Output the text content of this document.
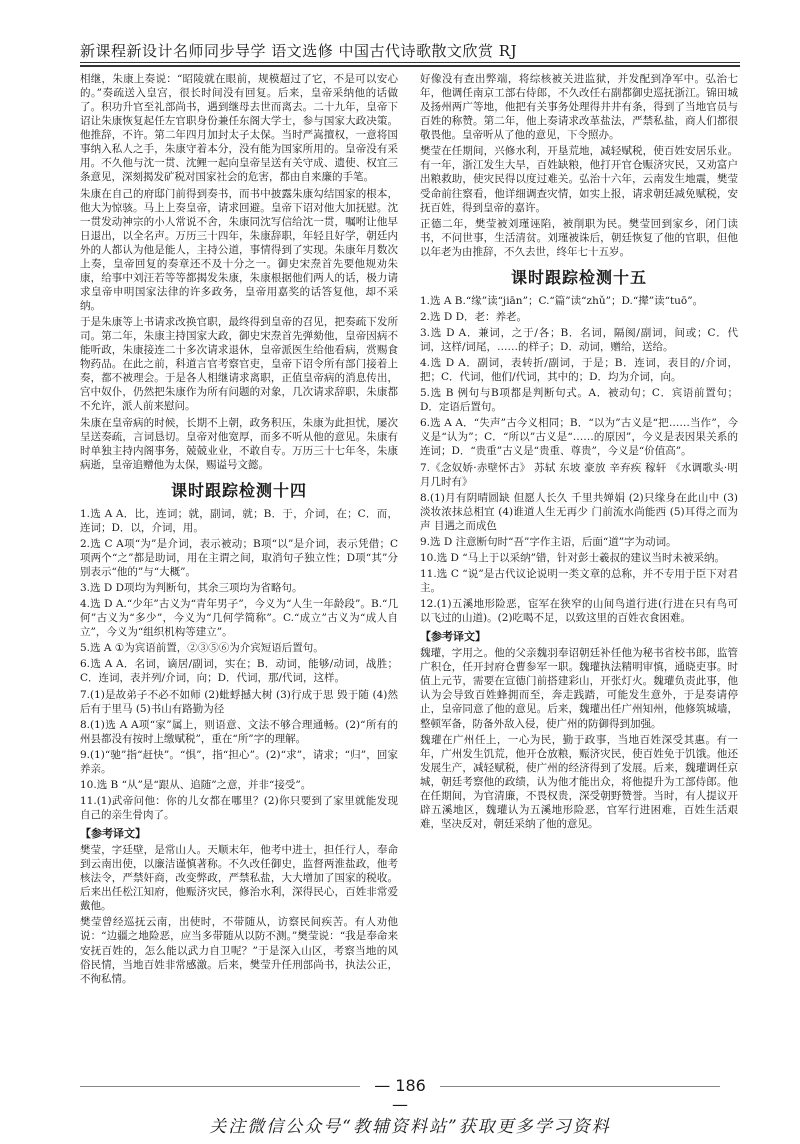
新课程新设计名师同步导学 语文选修 中国古代诗歌散文欣赏 RJ

相继，朱康上奏说：“昭陵就在眼前，规模超过了它，不是可以安心的。”奏疏送入皇宫，很长时间没有回复。后来，皇帝采纳他的话做了。积功升官至礼部尚书，遇到继母去世而离去。二十九年，皇帝下诏让朱康恢复起任左官职身份兼任东阁大学士，参与国家大政决策。他推辞，不许。第二年四月加封太子太保。当时严嵩擅权，一意将国事纳入私人之手，朱康守着本分，没有能为国家所用的。皇帝没有采用。不久他与沈一贯、沈鲤一起向皇帝呈送有关守成、遗使、权宜三条意见，深刻揭发矿税对国家社会的危害，都由自来廉的手笔。

朱康在自己的府邸门前得到奏书，而书中披露朱康勾结国家的根本，他大为惊骇。马上上奏皇帝，请求回避。皇帝下诏对他大加抚慰。沈一贯发动神宗的小人常说不舍，朱康同沈写信给沈一贯，嘱咐让他早日退出，以全名声。万历三十四年，朱康辞职，年轻且好学，朝廷内外的人都认为他是能人，主持公道，事情得到了实现。朱康年月数次上奏，皇帝回复的奏章还不及十分之一。御史宋焘首先要他规劝朱康，给事中刘汪若等等都揭发朱康，朱康根据他们两人的话，极力请求皇帝申明国家法律的许多政务，皇帝用嘉奖的话答复他，却不采纳。

于是朱康等上书请求改换官职，最终得到皇帝的召见，把奏疏下发所司。第二年，朱康主持国家大政，御史宋焘首先弹劾他，皇帝因病不能听政，朱康接连二十多次请求退休，皇帝派医生给他看病，赏赐食物药品。在此之前，科道言官考察官吏，皇帝下诏令所有部门接着上奏，都不被理会。于是各人相继请求离职，正值皇帝病的消息传出，宫中奴仆，仍然把朱康作为所有问题的对象，几次请求辞职，朱康都不允许，派人前来慰问。

朱康在皇帝病的时候，长期不上朝，政务积压，朱康为此担忧，屡次呈送奏疏，言词恳切。皇帝对他宽厚，而多不听从他的意见。朱康有时单独主持内阁事务，兢兢业业，不敢自专。万历三十七年冬，朱康病逝，皇帝追赠他为太保，赐谥号文懿。

课时跟踪检测十四

1.选 A A．比，连词；就，副词，就；B．于，介词，在；C．而，连词；D．以，介词，用。

2.选 C A项“为”是介词，表示被动；B项“以”是介词，表示凭借；C项两个“之”都是助词，用在主谓之间，取消句子独立性；D项“其”分别表示“他的”与“大概”。

3.选 D D项均为判断句，其余三项均为省略句。

4.选 D A.“少年”古义为“青年男子”，今义为“人生一年龄段”。B.“几何”古义为“多少”，今义为“几何学简称”。C.“成立”古义为“成人自立”，今义为“组织机构等建立”。

5.选 A ①为宾语前置，②③⑤⑥为介宾短语后置句。

6.选 A A．名词，谪居/副词，实在；B．动词，能够/动词，战胜；C．连词，表并列/介词，向；D．代词，那/代词，这样。

7.(1)是故弟子不必不如师 (2)蚍蜉撼大树 (3)行成于思 毁于随 (4)然后有于里马 (5)书山有路勤为径

8.(1)选 A A项“家”属上，则语意、文法不够合理通畅。(2)“所有的州县都没有按时上缴赋税”，重在“所”字的理解。

9.(1)“驰”指“赶快”。“惧”，指“担心”。(2)“求”，请求；“归”，回家养亲。

10.选 B “从”是“跟从、追随”之意，并非“接受”。

11.(1)武帝问他：你的儿女都在哪里？(2)你只要到了家里就能发现自己的亲生骨肉了。

【参考译文】

樊莹，字廷壁，是常山人。天顺末年，他考中进士，担任行人，奉命到云南出使，以廉洁谨慎著称。不久改任御史，监督两淮盐政，他考核法令，严禁奸商，改变弊政，严禁私盐，大大增加了国家的税收。后来出任松江知府，他赈济灾民，修治水利，深得民心，百姓非常爱戴他。

樊莹曾经巡抚云南，出使时，不带随从，访察民间疾苦。有人劝他说：“边疆之地险恶，应当多带随从以防不测。”樊莹说：“我是奉命来安抚百姓的，怎么能以武力自卫呢？”于是深入山区，考察当地的风俗民情，当地百姓非常感激。后来，樊莹升任刑部尚书，执法公正，不徇私情。

好像没有查出弊端，将综核被关进监狱，并发配到净军中。弘治七年，他调任南京工部右侍郎，不久改任右副都御史巡抚浙江。锦田城及扬州两广等地，他把有关事务处理得井井有条，得到了当地官员与百姓的称赞。第二年，他上奏请求改革盐法，严禁私盐，商人们都很敬畏他。皇帝听从了他的意见，下令照办。

樊莹在任期间，兴修水利，开垦荒地，减轻赋税，使百姓安居乐业。有一年，浙江发生大旱，百姓缺粮，他打开官仓赈济灾民，又劝富户出粮救助，使灾民得以度过难关。弘治十六年，云南发生地震，樊莹受命前往察看，他详细调查灾情，如实上报，请求朝廷减免赋税，安抚百姓，得到皇帝的嘉许。

正德二年，樊莹被刘瑾诬陷，被削职为民。樊莹回到家乡，闭门读书，不问世事，生活清贫。刘瑾被诛后，朝廷恢复了他的官职，但他以年老为由推辞，不久去世，终年七十五岁。

课时跟踪检测十五

1.选 A B.“缘”读“jiān”；C.“篇”读“zhǔ”；D.“撵”读“tuō”。

2.选 D D．老：养老。

3.选 D A．兼词，之于/各；B．名词，隔阂/副词，间或；C．代词，这样/词尾，……的样子；D．动词，赠给，送给。

4.选 D A．副词，表转折/副词，于是；B．连词，表目的/介词，把；C．代词，他们/代词，其中的；D．均为介词，向。

5.选 B 例句与B项都是判断句式。A．被动句；C．宾语前置句；D．定语后置句。

6.选 A A．“失声”古今义相同；B．“以为”古义是“把……当作”，今义是“认为”；C．“所以”古义是“……的原因”，今义是表因果关系的连词；D．“贵重”古义是“贵重、尊贵”，今义是“价值高”。

7.《念奴娇·赤壁怀古》 苏轼 东坡 豪放 辛弃疾 稼轩 《水调歌头·明月几时有》

8.(1)月有阴晴圆缺 但愿人长久 千里共婵娟 (2)只缘身在此山中 (3)淡妆浓抹总相宜 (4)谁道人生无再少 门前流水尚能西 (5)耳得之而为声 目遇之而成色

9.选 D 注意断句时“吾”字作主语，后面“道”字为动词。

10.选 D “马上于以采纳”错，针对彭士羲叔的建议当时未被采纳。

11.选 C “说”是古代议论说明一类文章的总称，并不专用于臣下对君主。

12.(1)五溪地形险恶，宦军在狭窄的山间鸟道行进(行进在只有鸟可以飞过的山道)。(2)吃喝不足，以致这里的百姓衣食困难。

【参考译文】

魏瓘，字用之。他的父亲魏羽奉诏朝廷补任他为秘书省校书郎，监管广积仓，任开封府仓曹参军一职。魏瓘执法精明审慎，通晓吏事。时值上元节，需要在宣德门前搭建彩山，开张灯火。魏瓘负责此事，他认为会导致百姓蜂拥而至，奔走践踏，可能发生意外，于是奏请停止，皇帝同意了他的意见。后来，魏瓘出任广州知州，他修筑城墙，整顿军备，防备外敌入侵，使广州的防御得到加强。

魏瓘在广州任上，一心为民，勤于政事，当地百姓深受其惠。有一年，广州发生饥荒，他开仓放粮，赈济灾民，使百姓免于饥饿。他还发展生产，减轻赋税，使广州的经济得到了发展。后来，魏瓘调任京城，朝廷考察他的政绩，认为他才能出众，将他提升为工部侍郎。他在任期间，为官清廉，不畏权贵，深受朝野赞誉。当时，有人提议开辟五溪地区，魏瓘认为五溪地形险恶，官军行进困难，百姓生活艰难，坚决反对，朝廷采纳了他的意见。

— 186 —
关注微信公众号“教辅资料站”获取更多学习资料
